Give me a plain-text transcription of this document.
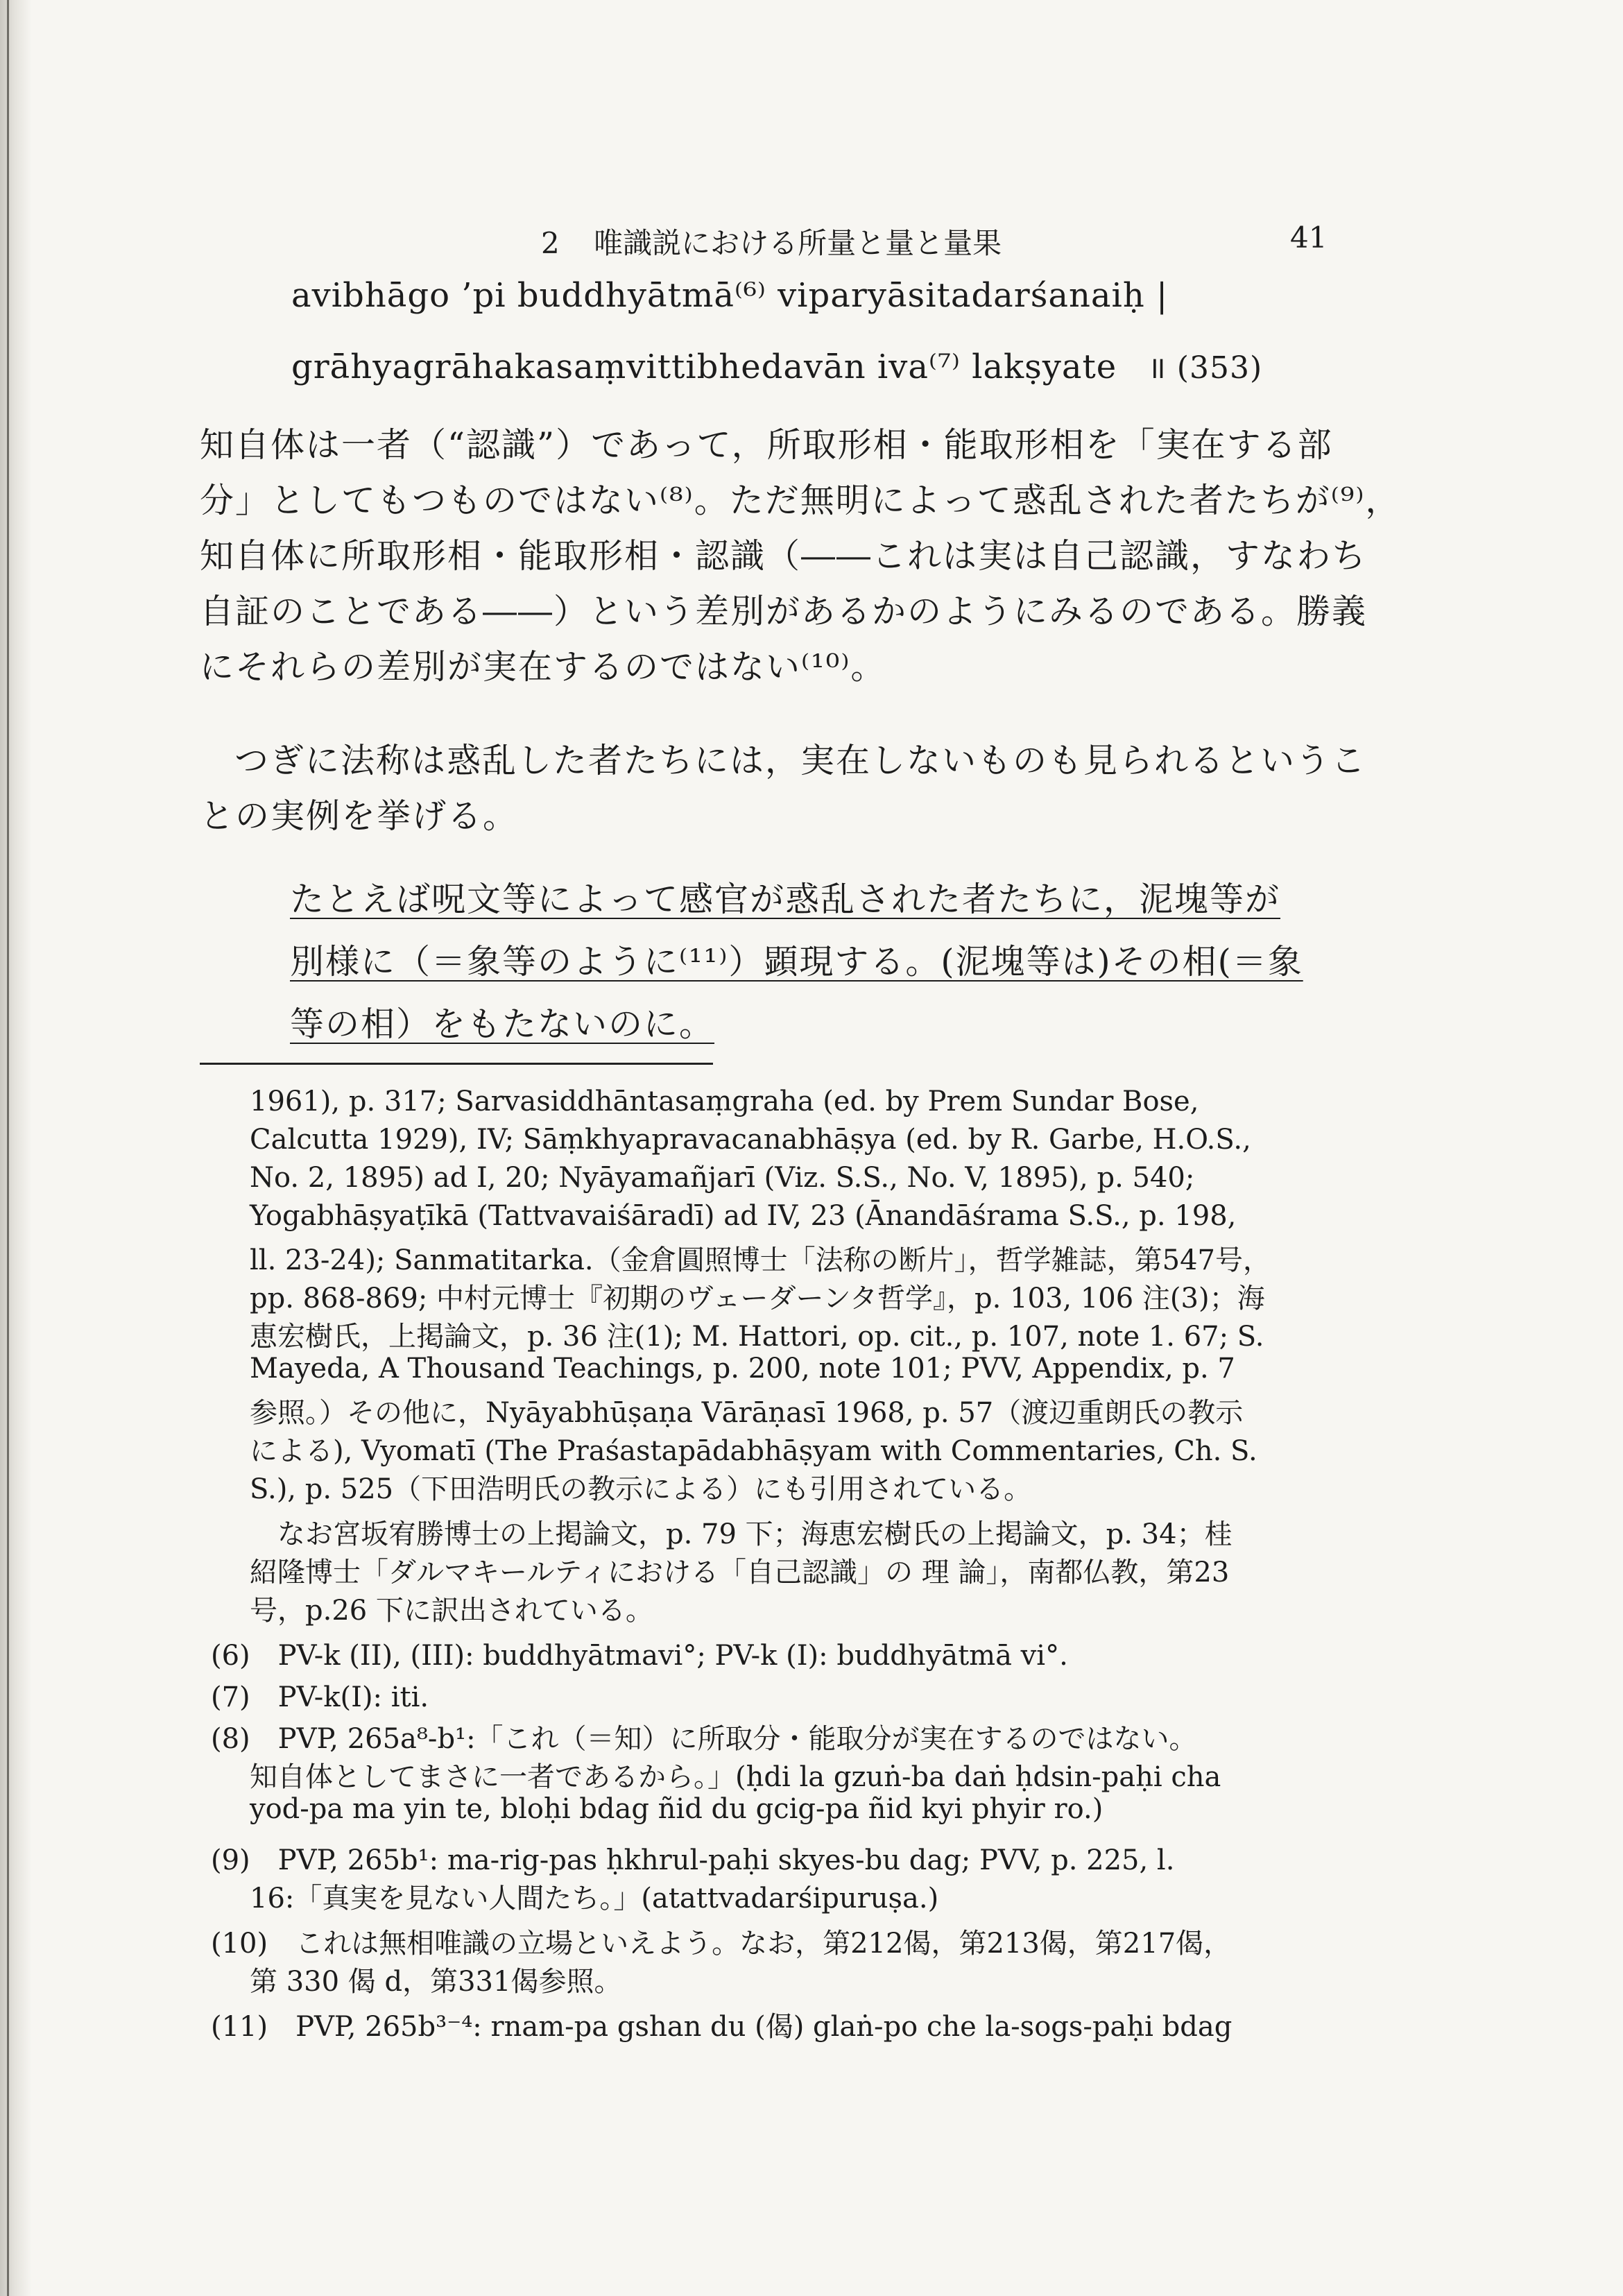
2 唯識説における所量と量と量果	41
avibhāgo ’pi buddhyātmā⁽⁶⁾ viparyāsitadarśanaiḥ |
grāhyagrāhakasaṃvittibhedavān iva⁽⁷⁾ lakṣyate ॥ (353)
知自体は一者（“認識”）であって，所取形相・能取形相を「実在する部
分」としてもつものではない⁽⁸⁾。ただ無明によって惑乱された者たちが⁽⁹⁾，
知自体に所取形相・能取形相・認識（――これは実は自己認識，すなわち
自証のことである――）という差別があるかのようにみるのである。勝義
にそれらの差別が実在するのではない⁽¹⁰⁾。
つぎに法称は惑乱した者たちには，実在しないものも見られるというこ
との実例を挙げる。
たとえば呪文等によって感官が惑乱された者たちに，泥塊等が
別様に（＝象等のように⁽¹¹⁾）顕現する。(泥塊等は)その相(＝象
等の相）をもたないのに。
1961), p. 317; Sarvasiddhāntasaṃgraha (ed. by Prem Sundar Bose,
Calcutta 1929), IV; Sāṃkhyapravacanabhāṣya (ed. by R. Garbe, H.O.S.,
No. 2, 1895) ad I, 20; Nyāyamañjarī (Viz. S.S., No. V, 1895), p. 540;
Yogabhāṣyaṭīkā (Tattvavaiśāradī) ad IV, 23 (Ānandāśrama S.S., p. 198,
ll. 23-24); Sanmatitarka.（金倉圓照博士「法称の断片」，哲学雑誌，第547号，
pp. 868-869; 中村元博士『初期のヴェーダーンタ哲学』，p. 103, 106 注(3)；海
恵宏樹氏，上掲論文，p. 36 注(1); M. Hattori, op. cit., p. 107, note 1. 67; S.
Mayeda, A Thousand Teachings, p. 200, note 101; PVV, Appendix, p. 7
参照。）その他に，Nyāyabhūṣaṇa Vārāṇasī 1968, p. 57（渡辺重朗氏の教示
による), Vyomatī (The Praśastapādabhāṣyam with Commentaries, Ch. S.
S.), p. 525（下田浩明氏の教示による）にも引用されている。
なお宮坂宥勝博士の上掲論文，p. 79 下；海恵宏樹氏の上掲論文，p. 34；桂
紹隆博士「ダルマキールティにおける「自己認識」の 理 論」，南都仏教，第23
号，p.26 下に訳出されている。
(6)　PV-k (II), (III): buddhyātmavi°; PV-k (I): buddhyātmā vi°.
(7)　PV-k(I): iti.
(8)　PVP, 265a⁸-b¹:「これ（＝知）に所取分・能取分が実在するのではない。
知自体としてまさに一者であるから。」(ḥdi la gzuṅ-ba daṅ ḥdsin-paḥi cha
yod-pa ma yin te, bloḥi bdag ñid du gcig-pa ñid kyi phyir ro.)
(9)　PVP, 265b¹: ma-rig-pas ḥkhrul-paḥi skyes-bu dag; PVV, p. 225, l.
16:「真実を見ない人間たち。」(atattvadarśipuruṣa.)
(10)　これは無相唯識の立場といえよう。なお，第212偈，第213偈，第217偈，
第 330 偈 d，第331偈参照。
(11)　PVP, 265b³⁻⁴: rnam-pa gshan du (偈) glaṅ-po che la-sogs-paḥi bdag
